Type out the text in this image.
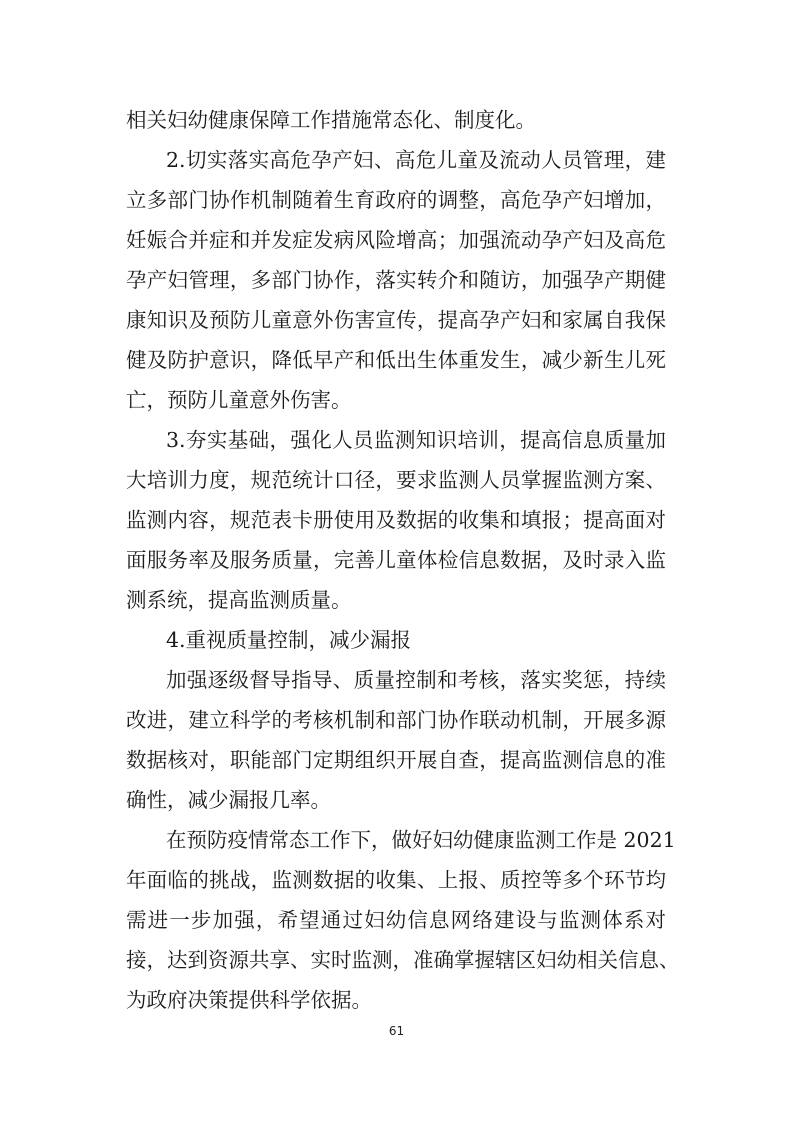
相关妇幼健康保障工作措施常态化、制度化。
2.切实落实高危孕产妇、高危儿童及流动人员管理，建
立多部门协作机制随着生育政府的调整，高危孕产妇增加，
妊娠合并症和并发症发病风险增高；加强流动孕产妇及高危
孕产妇管理，多部门协作，落实转介和随访，加强孕产期健
康知识及预防儿童意外伤害宣传，提高孕产妇和家属自我保
健及防护意识，降低早产和低出生体重发生，减少新生儿死
亡，预防儿童意外伤害。
3.夯实基础，强化人员监测知识培训，提高信息质量加
大培训力度，规范统计口径，要求监测人员掌握监测方案、
监测内容，规范表卡册使用及数据的收集和填报；提高面对
面服务率及服务质量，完善儿童体检信息数据，及时录入监
测系统，提高监测质量。
4.重视质量控制，减少漏报
加强逐级督导指导、质量控制和考核，落实奖惩，持续
改进，建立科学的考核机制和部门协作联动机制，开展多源
数据核对，职能部门定期组织开展自查，提高监测信息的准
确性，减少漏报几率。
在预防疫情常态工作下，做好妇幼健康监测工作是 2021
年面临的挑战，监测数据的收集、上报、质控等多个环节均
需进一步加强，希望通过妇幼信息网络建设与监测体系对
接，达到资源共享、实时监测，准确掌握辖区妇幼相关信息、
为政府决策提供科学依据。
61
